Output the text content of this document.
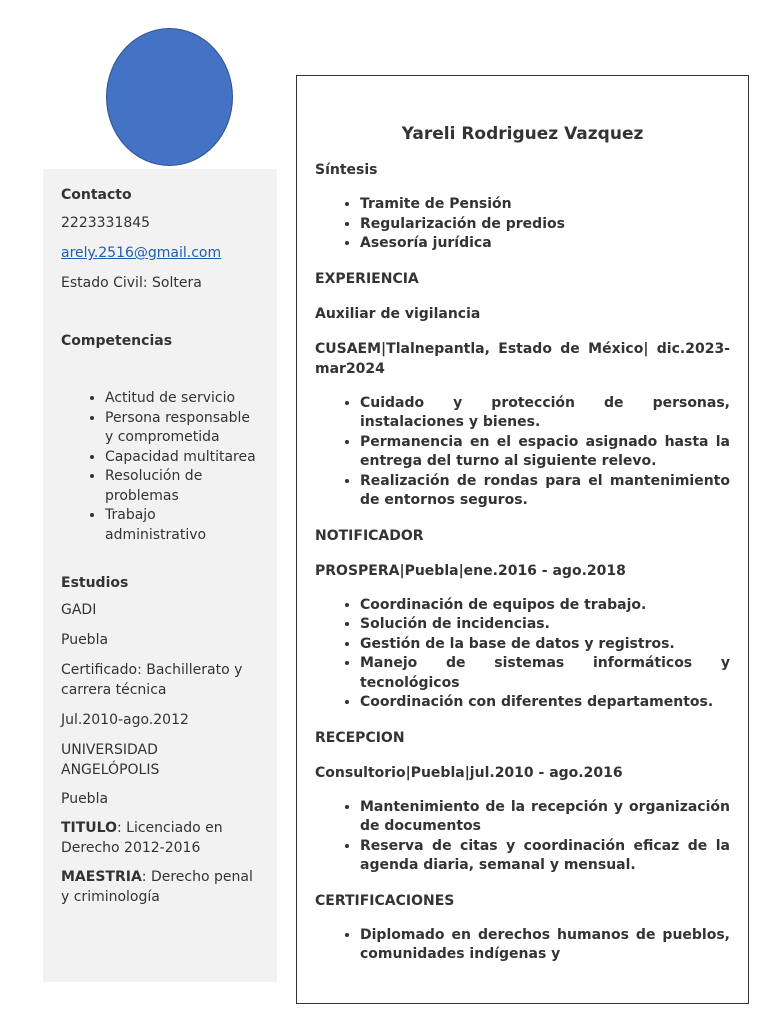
Contacto

2223331845

arely.2516@gmail.com

Estado Civil: Soltera

Competencias
• Actitud de servicio
• Persona responsable y comprometida
• Capacidad multitarea
• Resolución de problemas
• Trabajo administrativo
Estudios

GADI

Puebla

Certificado: Bachillerato y carrera técnica

Jul.2010-ago.2012

UNIVERSIDAD ANGELÓPOLIS

Puebla

TITULO: Licenciado en Derecho 2012-2016

MAESTRIA: Derecho penal y criminología

Yareli Rodriguez Vazquez
Síntesis
• Tramite de Pensión
• Regularización de predios
• Asesoría jurídica
EXPERIENCIA
Auxiliar de vigilancia

CUSAEM|Tlalnepantla, Estado de México| dic.2023-mar2024

• Cuidado y protección de personas, instalaciones y bienes.
• Permanencia en el espacio asignado hasta la entrega del turno al siguiente relevo.
• Realización de rondas para el mantenimiento de entornos seguros.
NOTIFICADOR

PROSPERA|Puebla|ene.2016 - ago.2018

• Coordinación de equipos de trabajo.
• Solución de incidencias.
• Gestión de la base de datos y registros.
• Manejo de sistemas informáticos y tecnológicos
• Coordinación con diferentes departamentos.
RECEPCION

Consultorio|Puebla|jul.2010 - ago.2016

• Mantenimiento de la recepción y organización de documentos
• Reserva de citas y coordinación eficaz de la agenda diaria, semanal y mensual.
CERTIFICACIONES
• Diplomado en derechos humanos de pueblos, comunidades indígenas y
